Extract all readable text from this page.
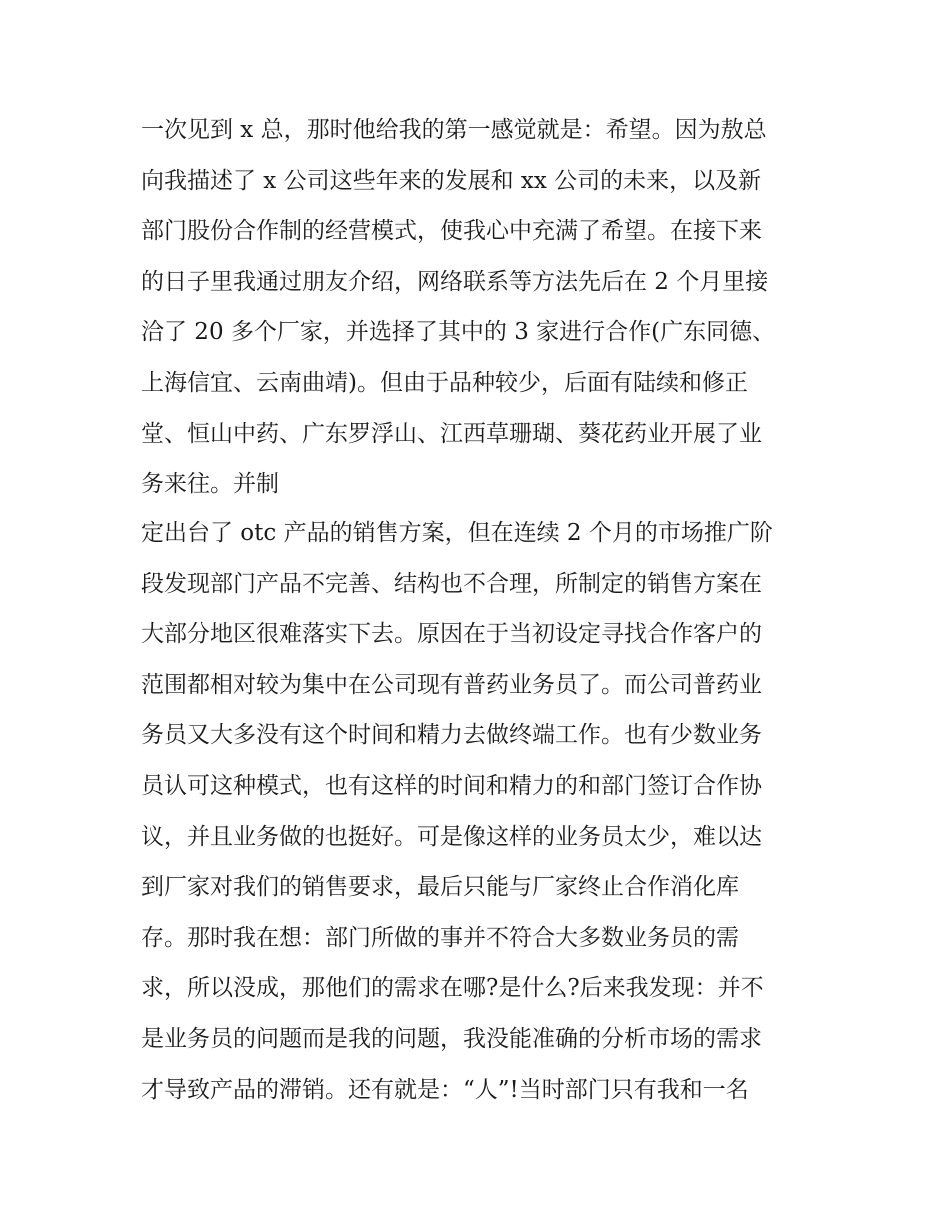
一次见到 x 总，那时他给我的第一感觉就是：希望。因为敖总
向我描述了 x 公司这些年来的发展和 xx 公司的未来，以及新
部门股份合作制的经营模式，使我心中充满了希望。在接下来
的日子里我通过朋友介绍，网络联系等方法先后在 2 个月里接
洽了 20 多个厂家，并选择了其中的 3 家进行合作(广东同德、
上海信宜、云南曲靖)。但由于品种较少，后面有陆续和修正
堂、恒山中药、广东罗浮山、江西草珊瑚、葵花药业开展了业
务来往。并制
定出台了 otc 产品的销售方案，但在连续 2 个月的市场推广阶
段发现部门产品不完善、结构也不合理，所制定的销售方案在
大部分地区很难落实下去。原因在于当初设定寻找合作客户的
范围都相对较为集中在公司现有普药业务员了。而公司普药业
务员又大多没有这个时间和精力去做终端工作。也有少数业务
员认可这种模式，也有这样的时间和精力的和部门签订合作协
议，并且业务做的也挺好。可是像这样的业务员太少，难以达
到厂家对我们的销售要求，最后只能与厂家终止合作消化库
存。那时我在想：部门所做的事并不符合大多数业务员的需
求，所以没成，那他们的需求在哪?是什么?后来我发现：并不
是业务员的问题而是我的问题，我没能准确的分析市场的需求
才导致产品的滞销。还有就是：“人”!当时部门只有我和一名
